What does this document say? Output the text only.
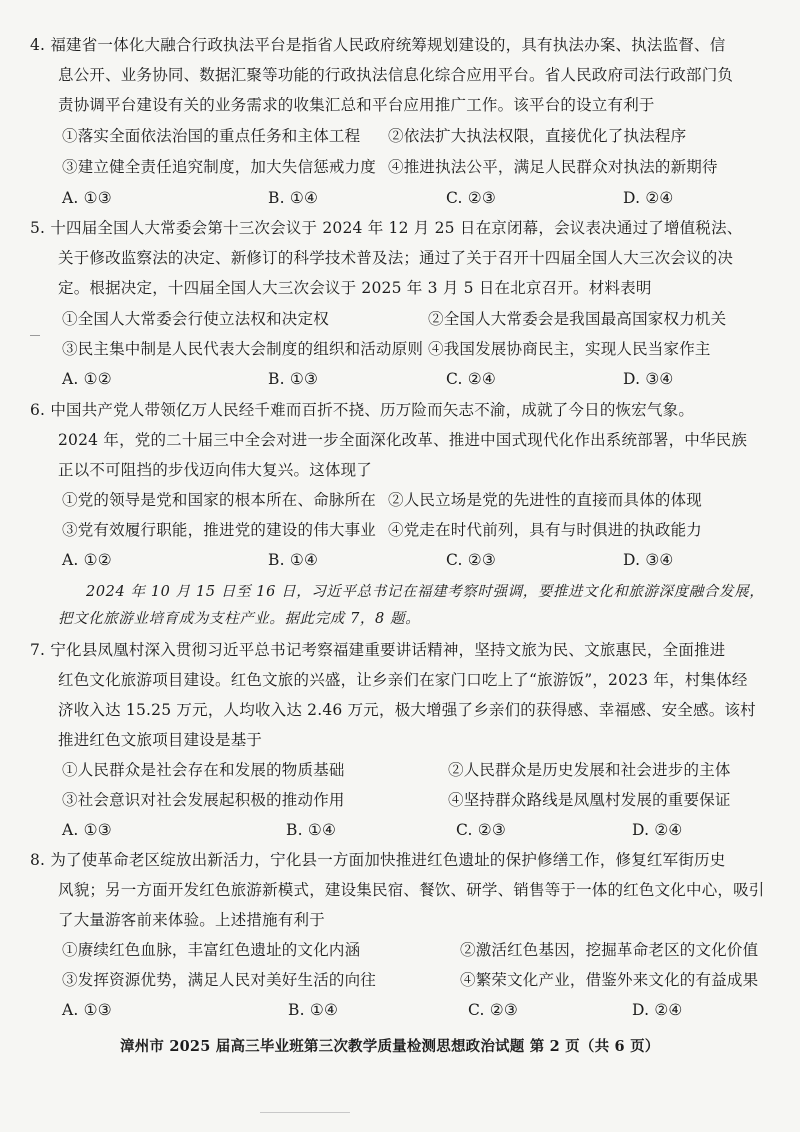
4. 福建省一体化大融合行政执法平台是指省人民政府统筹规划建设的，具有执法办案、执法监督、信
息公开、业务协同、数据汇聚等功能的行政执法信息化综合应用平台。省人民政府司法行政部门负
责协调平台建设有关的业务需求的收集汇总和平台应用推广工作。该平台的设立有利于
①落实全面依法治国的重点任务和主体工程 ②依法扩大执法权限，直接优化了执法程序
③建立健全责任追究制度，加大失信惩戒力度 ④推进执法公平，满足人民群众对执法的新期待
A. ①③	B. ①④	C. ②③	D. ②④
5. 十四届全国人大常委会第十三次会议于 2024 年 12 月 25 日在京闭幕，会议表决通过了增值税法、
关于修改监察法的决定、新修订的科学技术普及法；通过了关于召开十四届全国人大三次会议的决
定。根据决定，十四届全国人大三次会议于 2025 年 3 月 5 日在北京召开。材料表明
①全国人大常委会行使立法权和决定权	②全国人大常委会是我国最高国家权力机关
③民主集中制是人民代表大会制度的组织和活动原则 ④我国发展协商民主，实现人民当家作主
A. ①②	B. ①③	C. ②④	D. ③④
6. 中国共产党人带领亿万人民经千难而百折不挠、历万险而矢志不渝，成就了今日的恢宏气象。
2024 年，党的二十届三中全会对进一步全面深化改革、推进中国式现代化作出系统部署，中华民族
正以不可阻挡的步伐迈向伟大复兴。这体现了
①党的领导是党和国家的根本所在、命脉所在 ②人民立场是党的先进性的直接而具体的体现
③党有效履行职能，推进党的建设的伟大事业 ④党走在时代前列，具有与时俱进的执政能力
A. ①②	B. ①④	C. ②③	D. ③④
2024 年 10 月 15 日至 16 日，习近平总书记在福建考察时强调，要推进文化和旅游深度融合发展，
把文化旅游业培育成为支柱产业。据此完成 7，8 题。
7. 宁化县凤凰村深入贯彻习近平总书记考察福建重要讲话精神，坚持文旅为民、文旅惠民，全面推进
红色文化旅游项目建设。红色文旅的兴盛，让乡亲们在家门口吃上了“旅游饭”，2023 年，村集体经
济收入达 15.25 万元，人均收入达 2.46 万元，极大增强了乡亲们的获得感、幸福感、安全感。该村
推进红色文旅项目建设是基于
①人民群众是社会存在和发展的物质基础	②人民群众是历史发展和社会进步的主体
③社会意识对社会发展起积极的推动作用	④坚持群众路线是凤凰村发展的重要保证
A. ①③	B. ①④	C. ②③	D. ②④
8. 为了使革命老区绽放出新活力，宁化县一方面加快推进红色遗址的保护修缮工作，修复红军街历史
风貌；另一方面开发红色旅游新模式，建设集民宿、餐饮、研学、销售等于一体的红色文化中心，吸引
了大量游客前来体验。上述措施有利于
①赓续红色血脉，丰富红色遗址的文化内涵	②激活红色基因，挖掘革命老区的文化价值
③发挥资源优势，满足人民对美好生活的向往	④繁荣文化产业，借鉴外来文化的有益成果
A. ①③	B. ①④	C. ②③	D. ②④
漳州市 2025 届高三毕业班第三次教学质量检测思想政治试题 第 2 页（共 6 页）
